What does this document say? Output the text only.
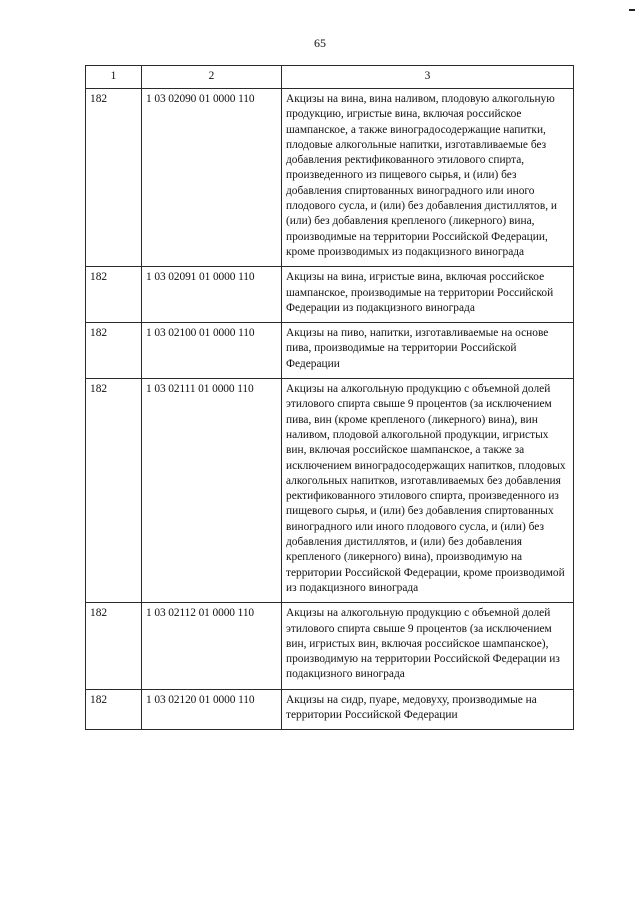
65
1	2	3
182	1 03 02090 01 0000 110	Акцизы на вина, вина наливом, плодовую алкогольную продукцию, игристые вина, включая российское шампанское, а также виноградосодержащие напитки, плодовые алкогольные напитки, изготавливаемые без добавления ректификованного этилового спирта, произведенного из пищевого сырья, и (или) без добавления спиртованных виноградного или иного плодового сусла, и (или) без добавления дистиллятов, и (или) без добавления крепленого (ликерного) вина, производимые на территории Российской Федерации, кроме производимых из подакцизного винограда
182	1 03 02091 01 0000 110	Акцизы на вина, игристые вина, включая российское шампанское, производимые на территории Российской Федерации из подакцизного винограда
182	1 03 02100 01 0000 110	Акцизы на пиво, напитки, изготавливаемые на основе пива, производимые на территории Российской Федерации
182	1 03 02111 01 0000 110	Акцизы на алкогольную продукцию с объемной долей этилового спирта свыше 9 процентов (за исключением пива, вин (кроме крепленого (ликерного) вина), вин наливом, плодовой алкогольной продукции, игристых вин, включая российское шампанское, а также за исключением виноградосодержащих напитков, плодовых алкогольных напитков, изготавливаемых без добавления ректификованного этилового спирта, произведенного из пищевого сырья, и (или) без добавления спиртованных виноградного или иного плодового сусла, и (или) без добавления дистиллятов, и (или) без добавления крепленого (ликерного) вина), производимую на территории Российской Федерации, кроме производимой из подакцизного винограда
182	1 03 02112 01 0000 110	Акцизы на алкогольную продукцию с объемной долей этилового спирта свыше 9 процентов (за исключением вин, игристых вин, включая российское шампанское), производимую на территории Российской Федерации из подакцизного винограда
182	1 03 02120 01 0000 110	Акцизы на сидр, пуаре, медовуху, производимые на территории Российской Федерации
